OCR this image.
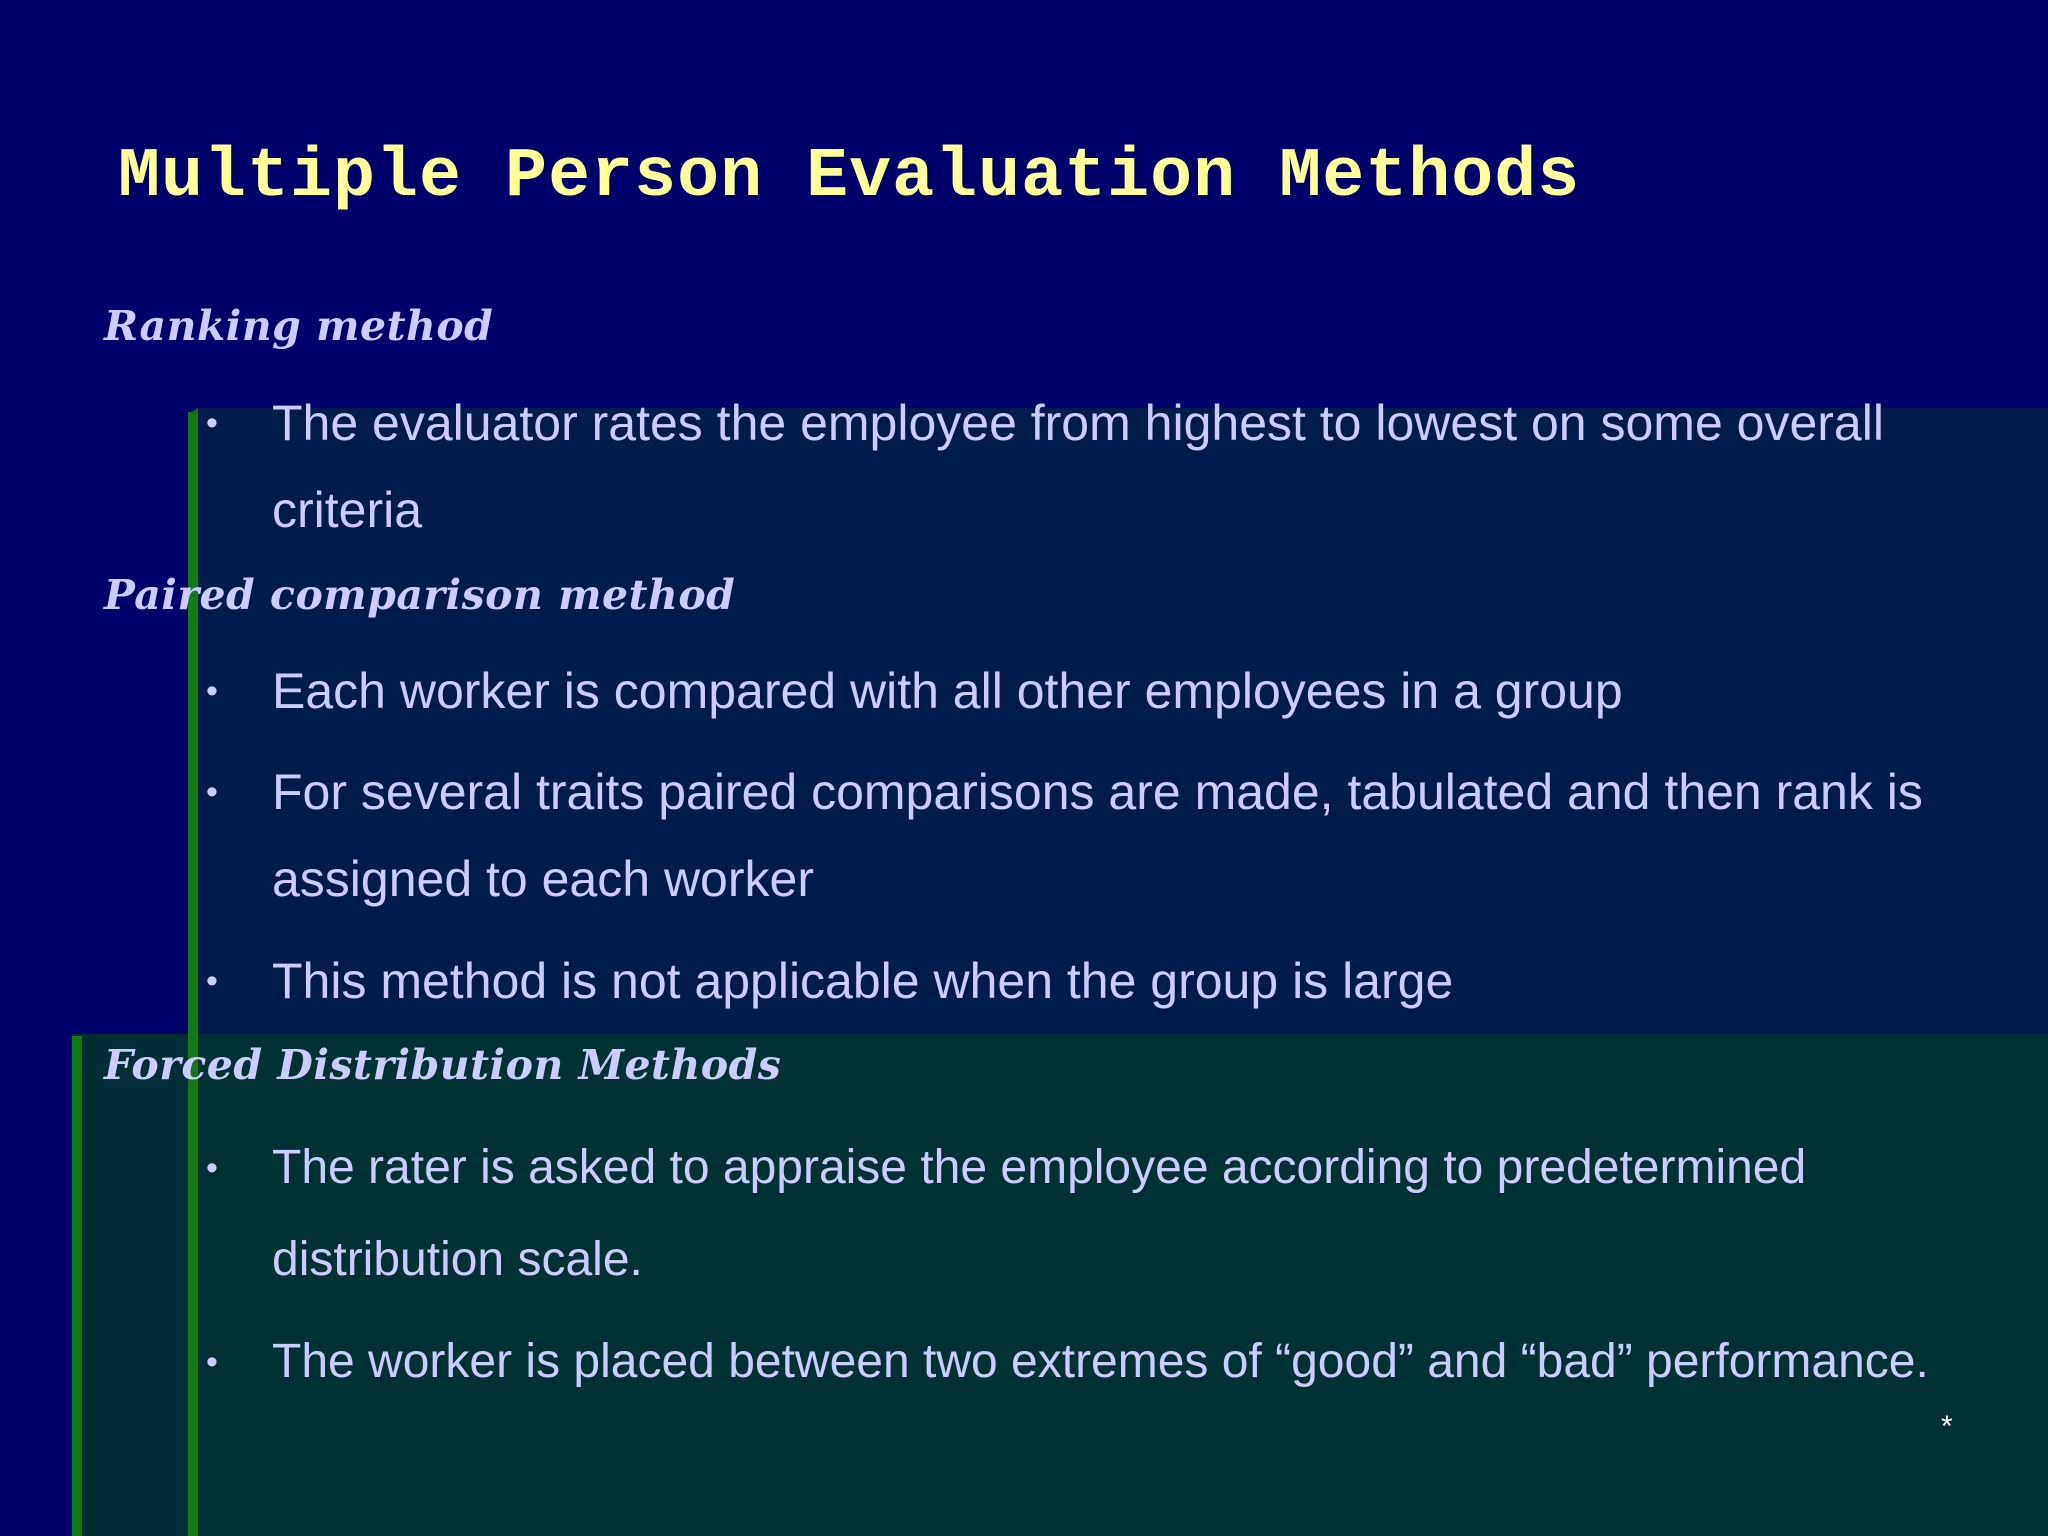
Multiple Person Evaluation Methods
Ranking method
•	The evaluator rates the employee from highest to lowest on some overall criteria
Paired comparison method
•	Each worker is compared with all other employees in a group
•	For several traits paired comparisons are made, tabulated and then rank is assigned to each worker
•	This method is not applicable when the group is large
Forced Distribution Methods
•	The rater is asked to appraise the employee according to predetermined distribution scale.
•	The worker is placed between two extremes of “good” and “bad” performance.
*
